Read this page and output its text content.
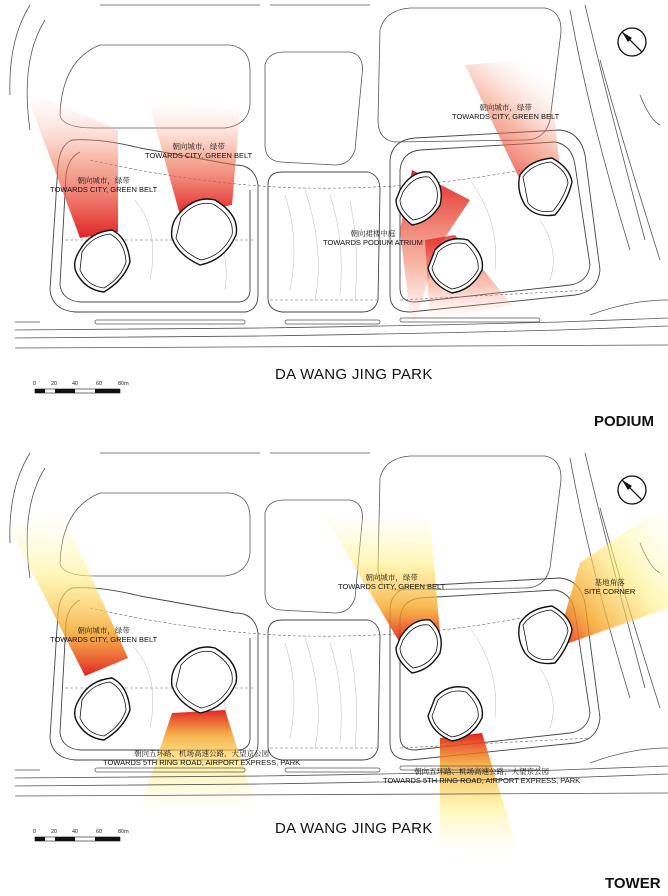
朝向城市，绿带
TOWARDS CITY, GREEN BELT
朝向城市，绿带
TOWARDS CITY, GREEN BELT
朝向裙楼中庭
TOWARDS PODIUM ATRIUM
朝向城市，绿带
TOWARDS CITY, GREEN BELT
DA WANG JING PARK
PODIUM
0	20	40	60	80m
朝向城市，绿带
TOWARDS CITY, GREEN BELT
朝向城市，绿带
TOWARDS CITY, GREEN BELT	基地角落
SITE CORNER
朝向五环路、机场高速公路、大望京公园
TOWARDS 5TH RING ROAD, AIRPORT EXPRESS, PARK
朝向五环路、机场高速公路、大望京公园
TOWARDS 5TH RING ROAD, AIRPORT EXPRESS, PARK
DA WANG JING PARK
TOWER
0	20	40	60	80m
